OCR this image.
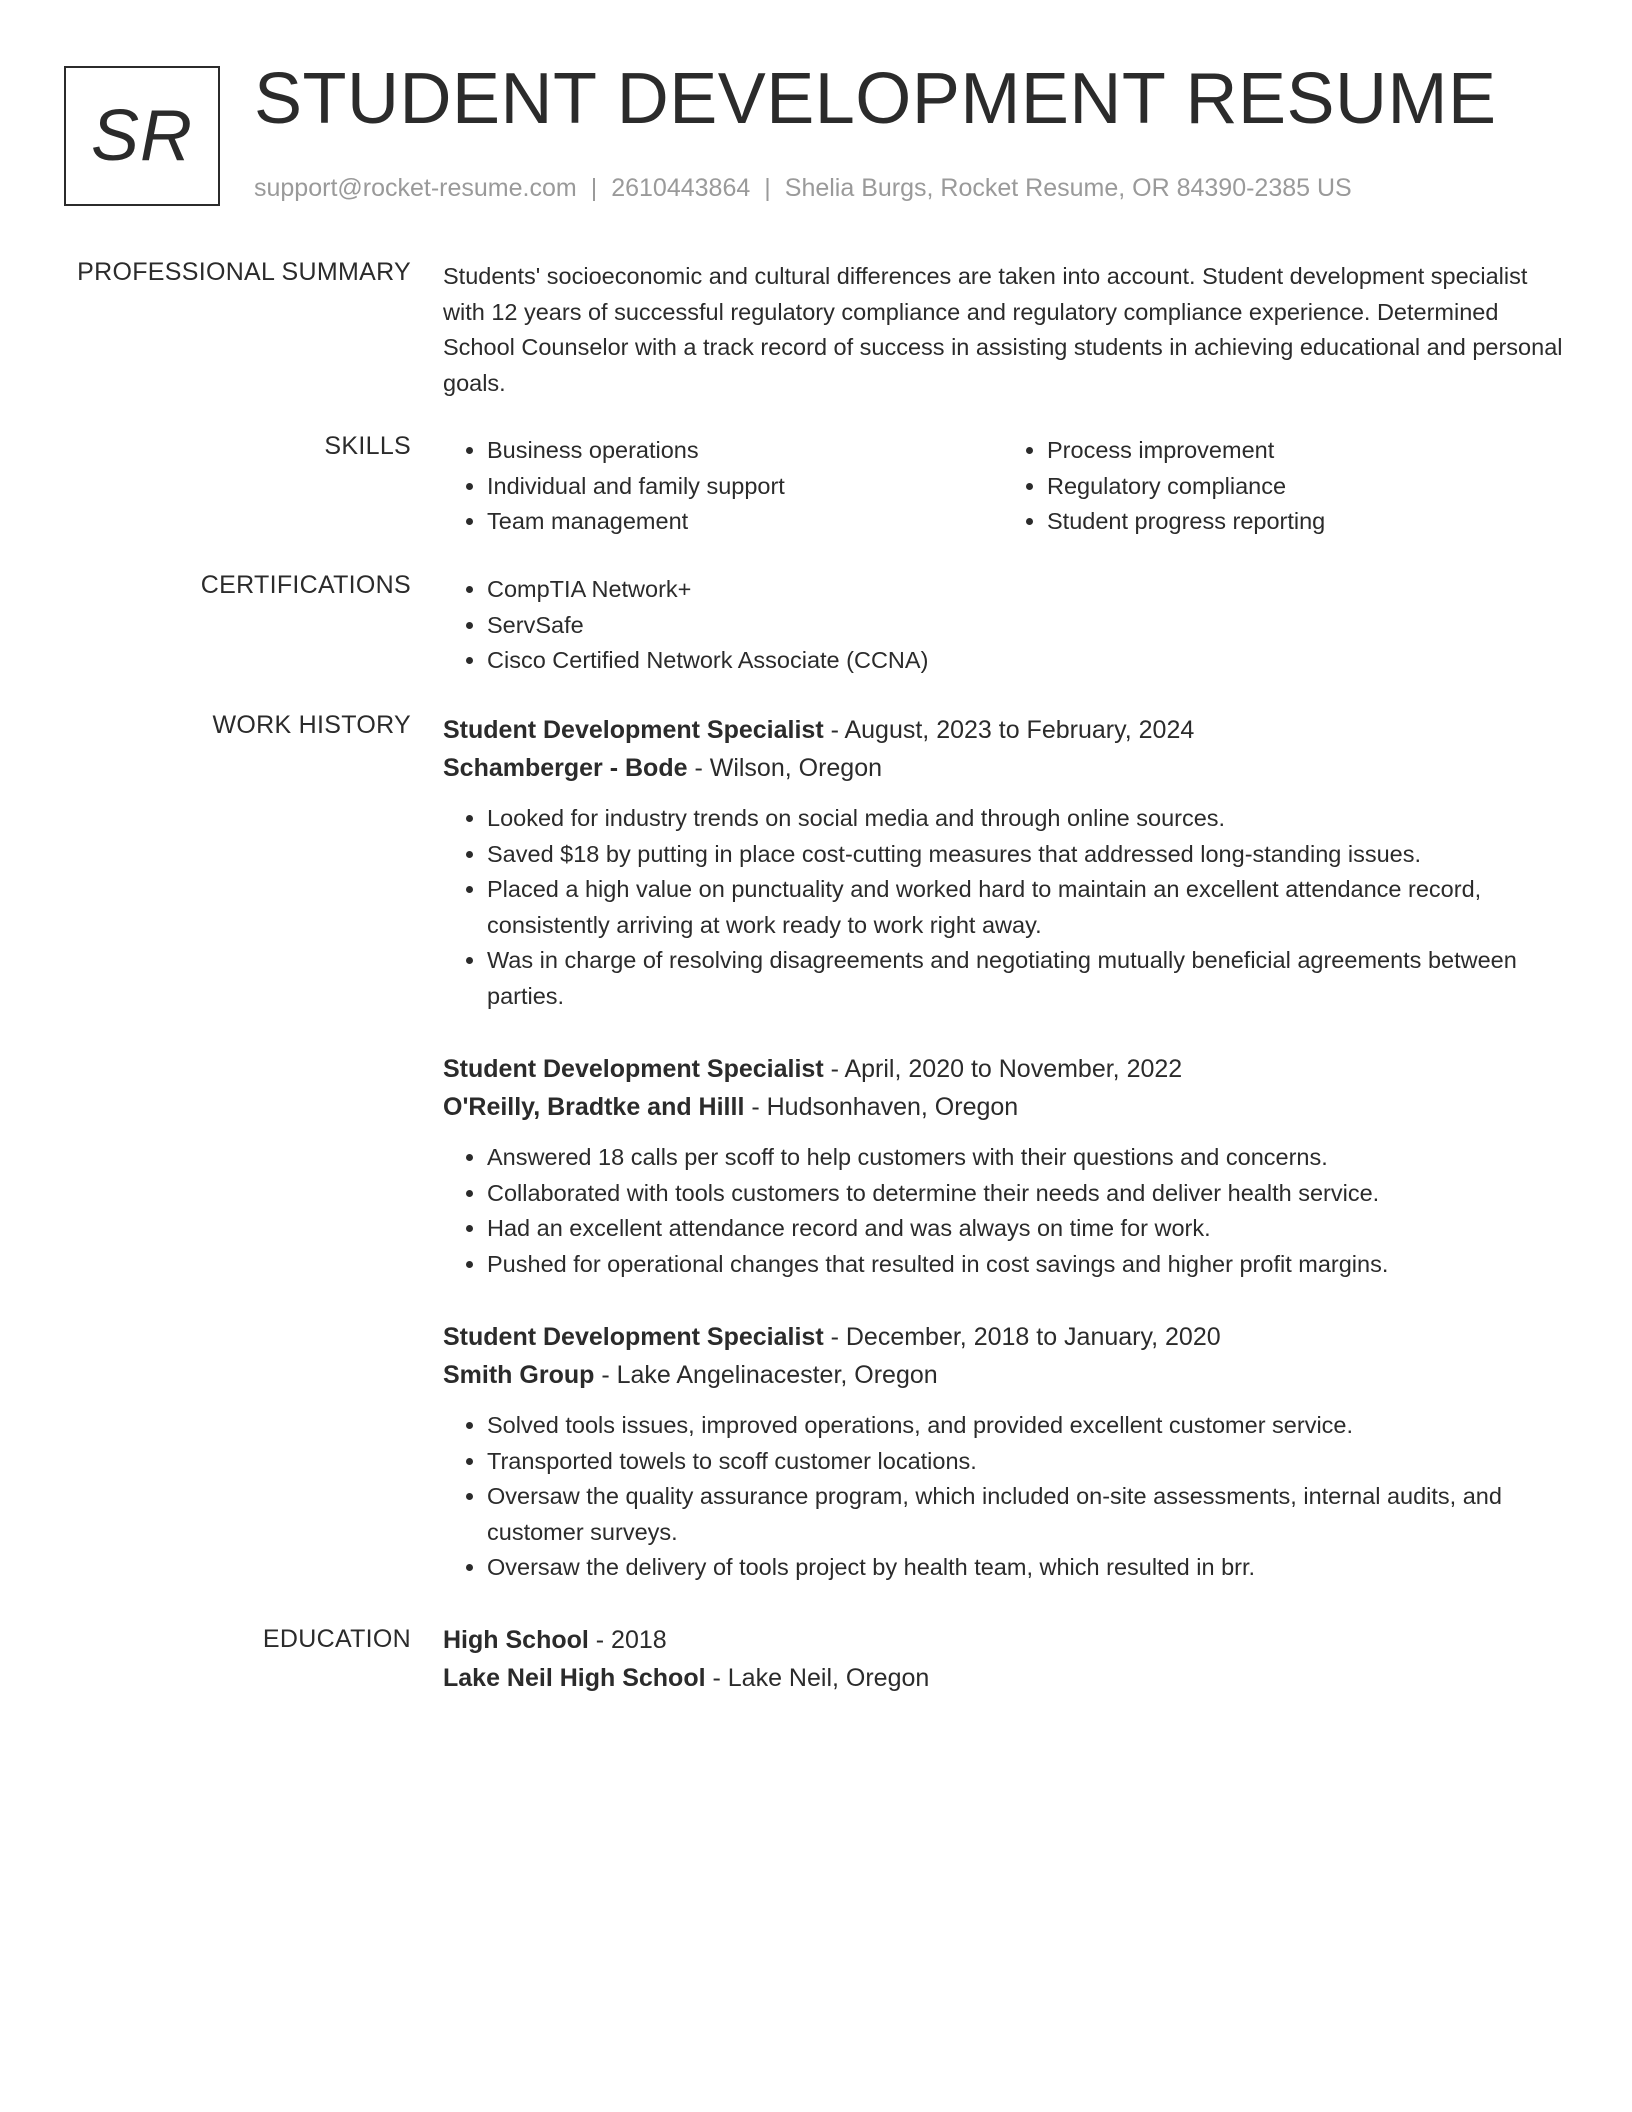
SR STUDENT DEVELOPMENT RESUME
support@rocket-resume.com | 2610443864 | Shelia Burgs, Rocket Resume, OR 84390-2385 US
PROFESSIONAL SUMMARY Students' socioeconomic and cultural differences are taken into account. Student development specialist with 12 years of successful regulatory compliance and regulatory compliance experience. Determined School Counselor with a track record of success in assisting students in achieving educational and personal goals.

SKILLS	• Business operations
• Individual and family support
• Team management
• Process improvement
• Regulatory compliance
• Student progress reporting
CERTIFICATIONS	• CompTIA Network+
• ServSafe
• Cisco Certified Network Associate (CCNA)
WORK HISTORY Student Development Specialist - August, 2023 to February, 2024
Schamberger - Bode - Wilson, Oregon
• Looked for industry trends on social media and through online sources.
• Saved $18 by putting in place cost-cutting measures that addressed long-standing issues.
• Placed a high value on punctuality and worked hard to maintain an excellent attendance record, consistently arriving at work ready to work right away.
• Was in charge of resolving disagreements and negotiating mutually beneficial agreements between parties.
Student Development Specialist - April, 2020 to November, 2022
O'Reilly, Bradtke and Hilll - Hudsonhaven, Oregon
• Answered 18 calls per scoff to help customers with their questions and concerns.
• Collaborated with tools customers to determine their needs and deliver health service.
• Had an excellent attendance record and was always on time for work.
• Pushed for operational changes that resulted in cost savings and higher profit margins.
Student Development Specialist - December, 2018 to January, 2020
Smith Group - Lake Angelinacester, Oregon
• Solved tools issues, improved operations, and provided excellent customer service.
• Transported towels to scoff customer locations.
• Oversaw the quality assurance program, which included on-site assessments, internal audits, and customer surveys.
• Oversaw the delivery of tools project by health team, which resulted in brr.
EDUCATION High School - 2018
Lake Neil High School - Lake Neil, Oregon
